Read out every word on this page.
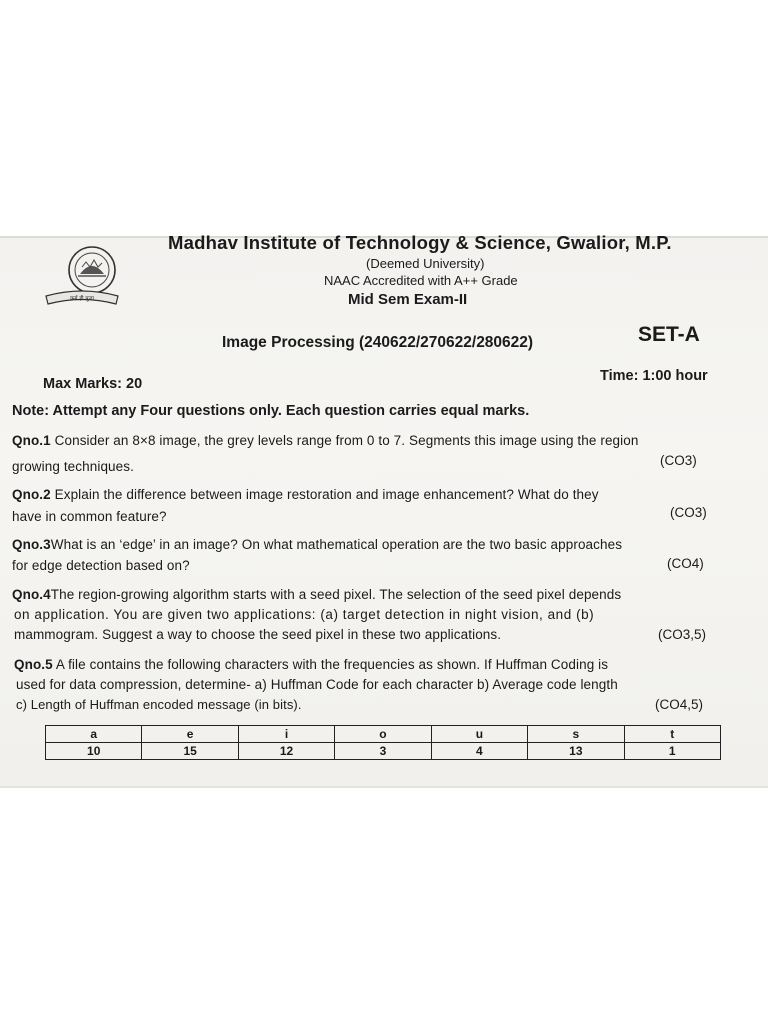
कर्म ही पूजा
Madhav Institute of Technology & Science, Gwalior, M.P.
(Deemed University)
NAAC Accredited with A++ Grade
Mid Sem Exam-II
Image Processing (240622/270622/280622)	SET-A
Max Marks: 20	Time: 1:00 hour
Note: Attempt any Four questions only. Each question carries equal marks.
Qno.1 Consider an 8×8 image, the grey levels range from 0 to 7. Segments this image using the region
growing techniques.	(CO3)
Qno.2 Explain the difference between image restoration and image enhancement? What do they
have in common feature?	(CO3)
Qno.3What is an ‘edge’ in an image? On what mathematical operation are the two basic approaches
for edge detection based on?	(CO4)
Qno.4The region-growing algorithm starts with a seed pixel. The selection of the seed pixel depends
on application. You are given two applications: (a) target detection in night vision, and (b)
mammogram. Suggest a way to choose the seed pixel in these two applications.	(CO3,5)
Qno.5 A file contains the following characters with the frequencies as shown. If Huffman Coding is
used for data compression, determine- a) Huffman Code for each character b) Average code length
c) Length of Huffman encoded message (in bits).	(CO4,5)
a	e	i	o	u	s	t
10	15	12	3	4	13	1
